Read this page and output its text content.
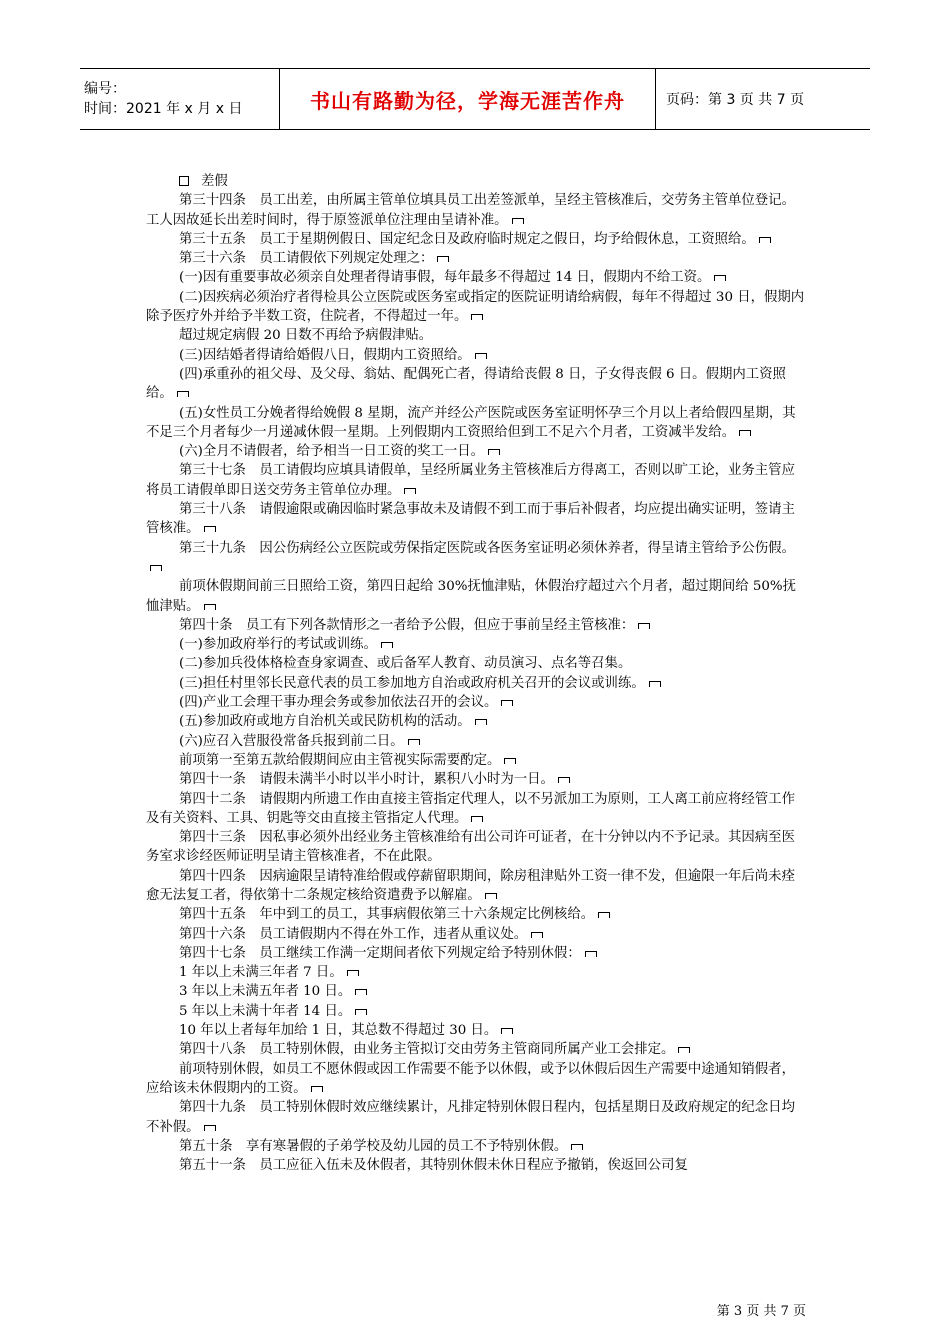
编号：
时间：2021 年 x 月 x 日	书山有路勤为径，学海无涯苦作舟	页码：第 3 页 共 7 页

差假

第三十四条　员工出差，由所属主管单位填具员工出差签派单，呈经主管核准后，交劳务主管单位登记。工人因故延长出差时间时，得于原签派单位注理由呈请补准。

第三十五条　员工于星期例假日、国定纪念日及政府临时规定之假日，均予给假休息，工资照给。

第三十六条　员工请假依下列规定处理之：

(一)因有重要事故必须亲自处理者得请事假，每年最多不得超过 14 日，假期内不给工资。

(二)因疾病必须治疗者得检具公立医院或医务室或指定的医院证明请给病假，每年不得超过 30 日，假期内除予医疗外并给予半数工资，住院者，不得超过一年。

超过规定病假 20 日数不再给予病假津贴。

(三)因结婚者得请给婚假八日，假期内工资照给。

(四)承重孙的祖父母、及父母、翁姑、配偶死亡者，得请给丧假 8 日，子女得丧假 6 日。假期内工资照给。

(五)女性员工分娩者得给娩假 8 星期，流产并经公产医院或医务室证明怀孕三个月以上者给假四星期，其不足三个月者每少一月递减休假一星期。上列假期内工资照给但到工不足六个月者，工资减半发给。

(六)全月不请假者，给予相当一日工资的奖工一日。

第三十七条　员工请假均应填具请假单，呈经所属业务主管核准后方得离工，否则以旷工论，业务主管应将员工请假单即日送交劳务主管单位办理。

第三十八条　请假逾限或确因临时紧急事故未及请假不到工而于事后补假者，均应提出确实证明，签请主管核准。

第三十九条　因公伤病经公立医院或劳保指定医院或各医务室证明必须休养者，得呈请主管给予公伤假。

前项休假期间前三日照给工资，第四日起给 30%抚恤津贴，休假治疗超过六个月者，超过期间给 50%抚恤津贴。

第四十条　员工有下列各款情形之一者给予公假，但应于事前呈经主管核准：

(一)参加政府举行的考试或训练。

(二)参加兵役体格检查身家调查、或后备军人教育、动员演习、点名等召集。

(三)担任村里邻长民意代表的员工参加地方自治或政府机关召开的会议或训练。

(四)产业工会理干事办理会务或参加依法召开的会议。

(五)参加政府或地方自治机关或民防机构的活动。

(六)应召入营服役常备兵报到前二日。

前项第一至第五款给假期间应由主管视实际需要酌定。

第四十一条　请假未满半小时以半小时计，累积八小时为一日。

第四十二条　请假期内所遗工作由直接主管指定代理人，以不另派加工为原则，工人离工前应将经管工作及有关资料、工具、钥匙等交由直接主管指定人代理。

第四十三条　因私事必须外出经业务主管核准给有出公司许可证者，在十分钟以内不予记录。其因病至医务室求诊经医师证明呈请主管核准者，不在此限。

第四十四条　因病逾限呈请特准给假或停薪留职期间，除房租津贴外工资一律不发，但逾限一年后尚未痊愈无法复工者，得依第十二条规定核给资遣费予以解雇。

第四十五条　年中到工的员工，其事病假依第三十六条规定比例核给。

第四十六条　员工请假期内不得在外工作，违者从重议处。

第四十七条　员工继续工作满一定期间者依下列规定给予特别休假：

1 年以上未满三年者 7 日。

3 年以上未满五年者 10 日。

5 年以上未满十年者 14 日。

10 年以上者每年加给 1 日，其总数不得超过 30 日。

第四十八条　员工特别休假，由业务主管拟订交由劳务主管商同所属产业工会排定。

前项特别休假，如员工不愿休假或因工作需要不能予以休假，或予以休假后因生产需要中途通知销假者，应给该未休假期内的工资。

第四十九条　员工特别休假时效应继续累计，凡排定特别休假日程内，包括星期日及政府规定的纪念日均不补假。

第五十条　享有寒暑假的子弟学校及幼儿园的员工不予特别休假。

第五十一条　员工应征入伍未及休假者，其特别休假未休日程应予撤销，俟返回公司复

第 3 页 共 7 页
